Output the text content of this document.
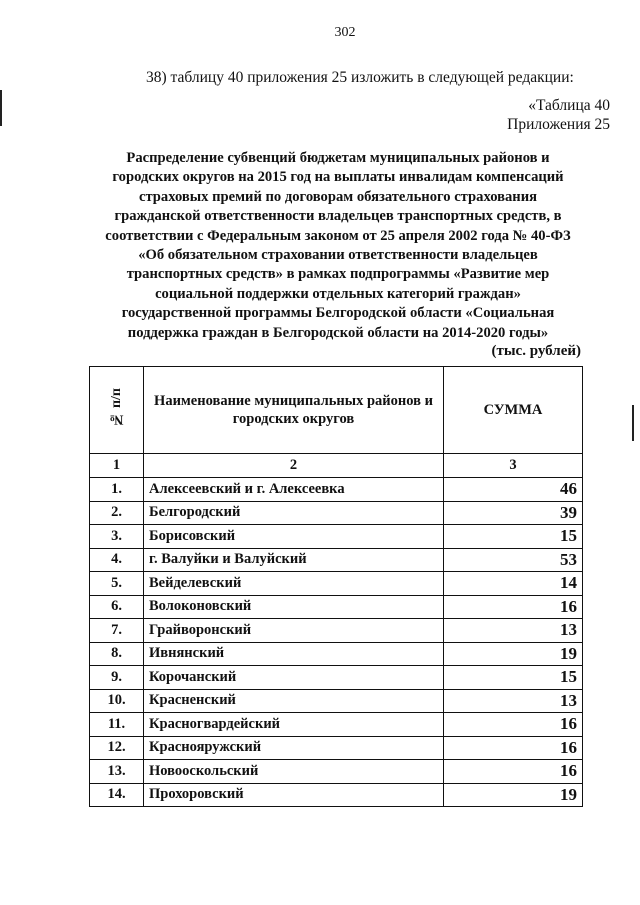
302
38) таблицу 40 приложения 25 изложить в следующей редакции:
«Таблица 40
Приложения 25
Распределение субвенций бюджетам муниципальных районов и
городских округов на 2015 год на выплаты инвалидам компенсаций
страховых премий по договорам обязательного страхования
гражданской ответственности владельцев транспортных средств, в
соответствии с Федеральным законом от 25 апреля 2002 года № 40-ФЗ
«Об обязательном страховании ответственности владельцев
транспортных средств» в рамках подпрограммы «Развитие мер
социальной поддержки отдельных категорий граждан»
государственной программы Белгородской области «Социальная
поддержка граждан в Белгородской области на 2014-2020 годы»
(тыс. рублей)
№ п/п	Наименование муниципальных районов и городских округов	СУММА
1	2	3
1.	Алексеевский и г. Алексеевка	46
2.	Белгородский	39
3.	Борисовский	15
4.	г. Валуйки и Валуйский	53
5.	Вейделевский	14
6.	Волоконовский	16
7.	Грайворонский	13
8.	Ивнянский	19
9.	Корочанский	15
10.	Красненский	13
11.	Красногвардейский	16
12.	Краснояружский	16
13.	Новооскольский	16
14.	Прохоровский	19
